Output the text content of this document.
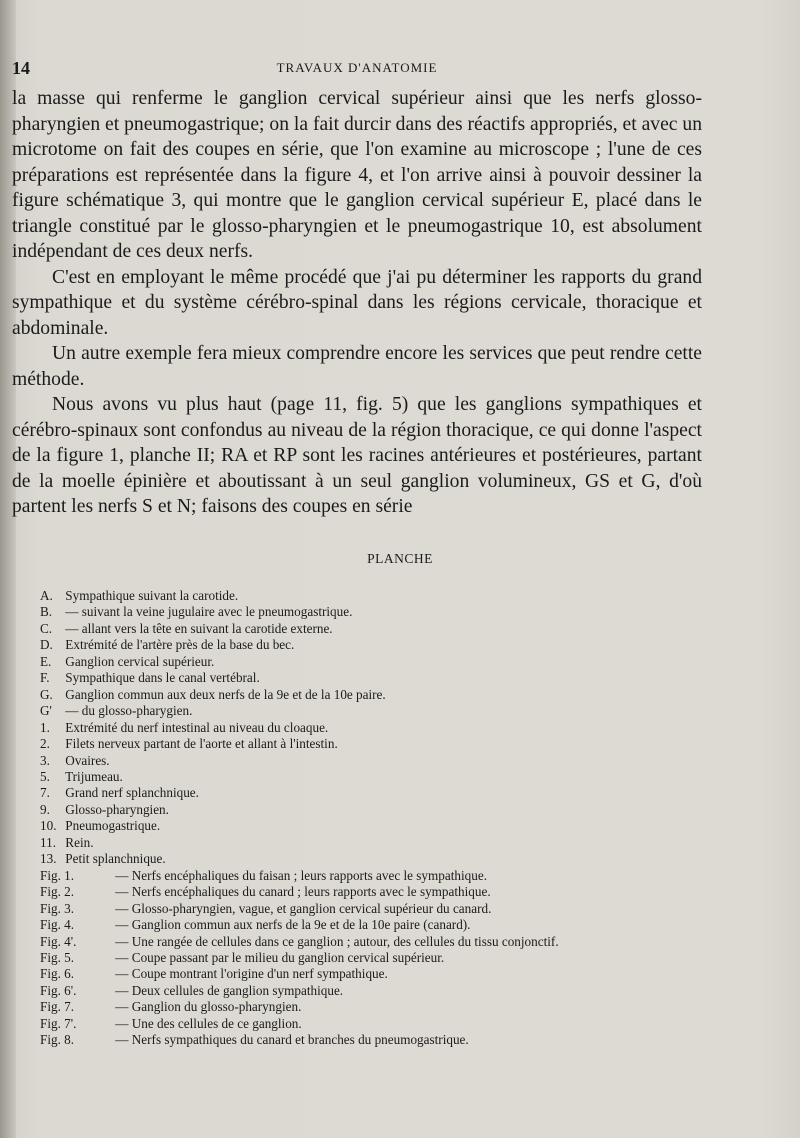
14	TRAVAUX D'ANATOMIE

la masse qui renferme le ganglion cervical supérieur ainsi que les nerfs glosso-pharyngien et pneumogastrique; on la fait durcir dans des réactifs appropriés, et avec un microtome on fait des coupes en série, que l'on examine au microscope ; l'une de ces préparations est représentée dans la figure 4, et l'on arrive ainsi à pouvoir dessiner la figure schématique 3, qui montre que le ganglion cervical supérieur E, placé dans le triangle constitué par le glosso-pharyngien et le pneumogastrique 10, est absolument indépendant de ces deux nerfs.

C'est en employant le même procédé que j'ai pu déterminer les rapports du grand sympathique et du système cérébro-spinal dans les régions cervicale, thoracique et abdominale.

Un autre exemple fera mieux comprendre encore les services que peut rendre cette méthode.

Nous avons vu plus haut (page 11, fig. 5) que les ganglions sympathiques et cérébro-spinaux sont confondus au niveau de la région thoracique, ce qui donne l'aspect de la figure 1, planche II; RA et RP sont les racines antérieures et postérieures, partant de la moelle épinière et aboutissant à un seul ganglion volumineux, GS et G, d'où partent les nerfs S et N; faisons des coupes en série

PLANCHE
A. Sympathique suivant la carotide.
B. — suivant la veine jugulaire avec le pneumogastrique.
C. — allant vers la tête en suivant la carotide externe.
D. Extrémité de l'artère près de la base du bec.
E. Ganglion cervical supérieur.
F. Sympathique dans le canal vertébral.
G. Ganglion commun aux deux nerfs de la 9e et de la 10e paire.
G' — du glosso-pharygien.
1. Extrémité du nerf intestinal au niveau du cloaque.
2. Filets nerveux partant de l'aorte et allant à l'intestin.
3. Ovaires.
5. Trijumeau.
7. Grand nerf splanchnique.
9. Glosso-pharyngien.
10. Pneumogastrique.
11. Rein.
13. Petit splanchnique.
Fig. 1.	— Nerfs encéphaliques du faisan ; leurs rapports avec le sympathique.
Fig. 2.	— Nerfs encéphaliques du canard ; leurs rapports avec le sympathique.
Fig. 3.	— Glosso-pharyngien, vague, et ganglion cervical supérieur du canard.
Fig. 4.	— Ganglion commun aux nerfs de la 9e et de la 10e paire (canard).
Fig. 4'.	— Une rangée de cellules dans ce ganglion ; autour, des cellules du tissu conjonctif.
Fig. 5.	— Coupe passant par le milieu du ganglion cervical supérieur.
Fig. 6.	— Coupe montrant l'origine d'un nerf sympathique.
Fig. 6'.	— Deux cellules de ganglion sympathique.
Fig. 7.	— Ganglion du glosso-pharyngien.
Fig. 7'.	— Une des cellules de ce ganglion.
Fig. 8.	— Nerfs sympathiques du canard et branches du pneumogastrique.
